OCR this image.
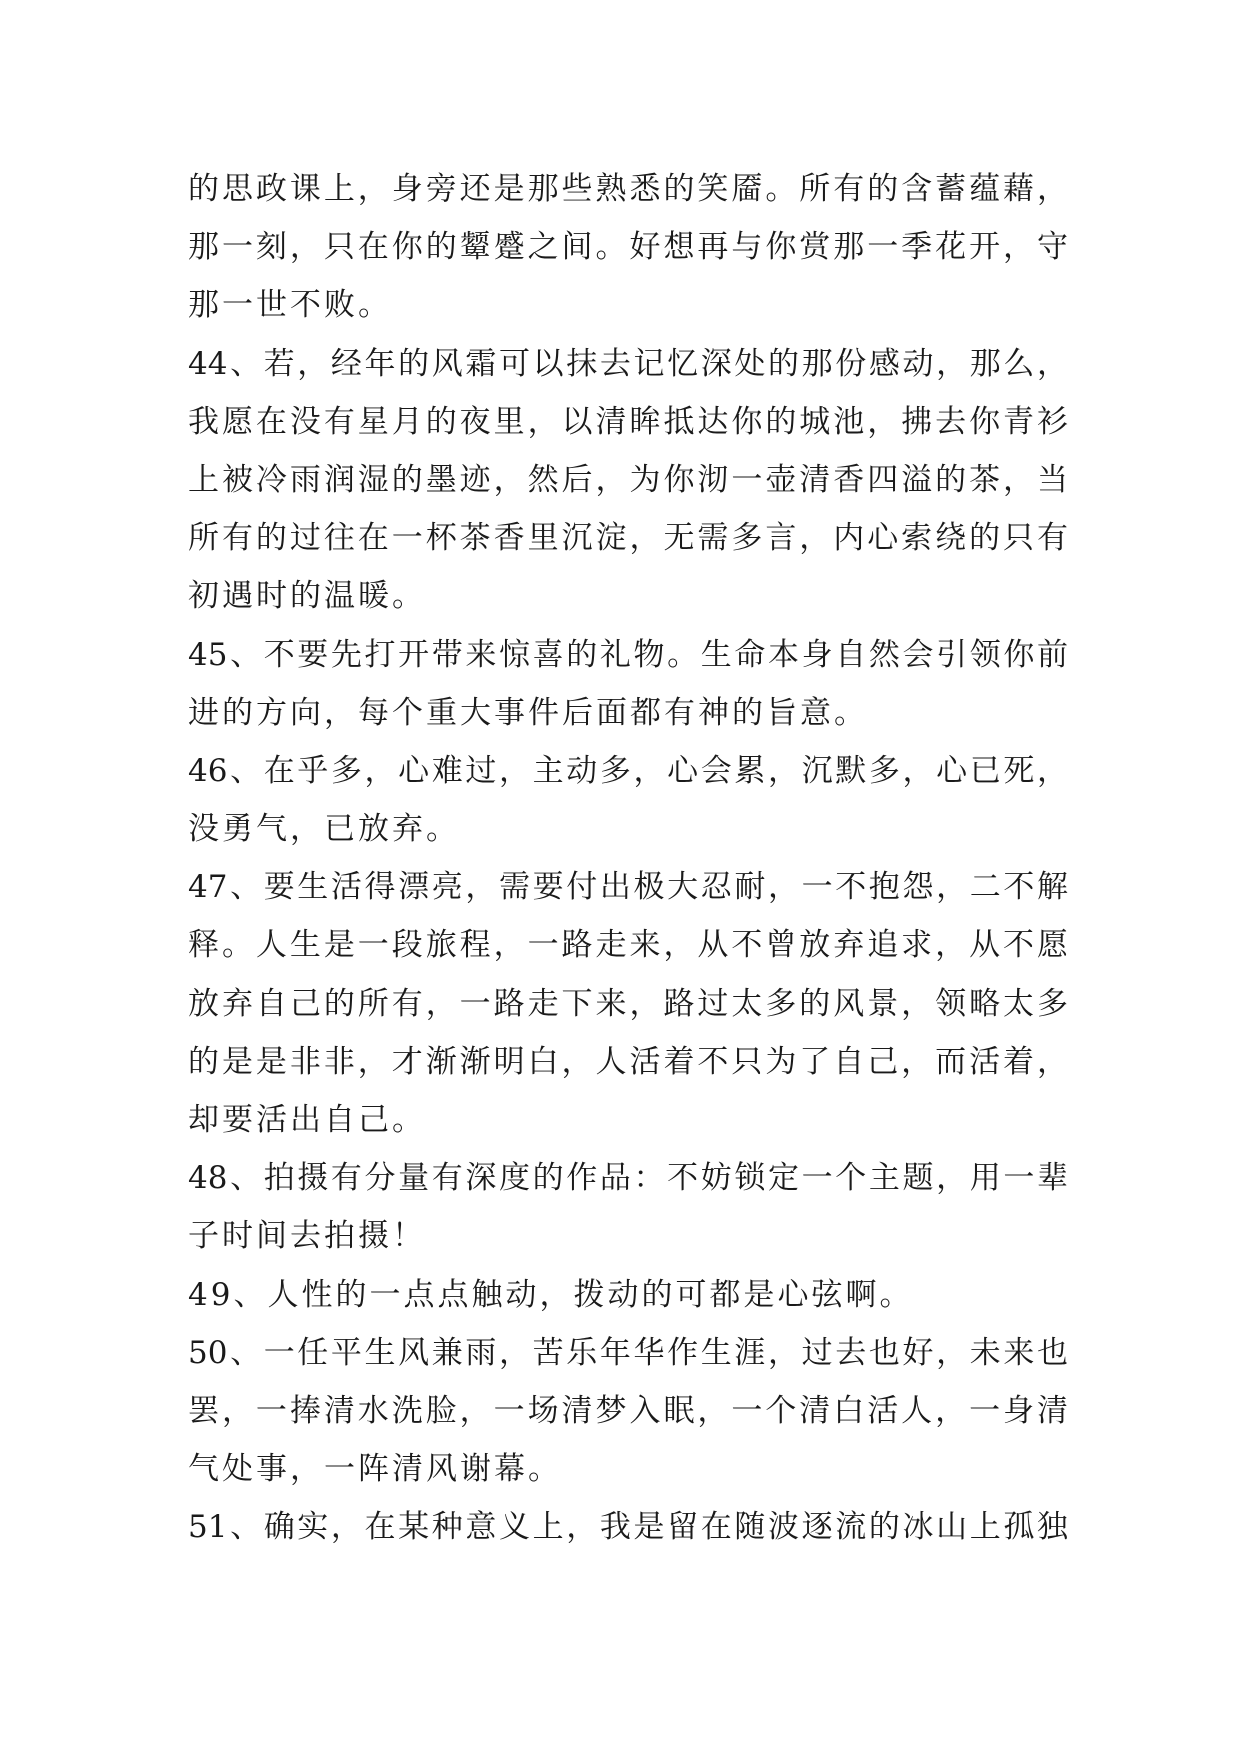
的思政课上，身旁还是那些熟悉的笑靥。所有的含蓄蕴藉，
那一刻，只在你的颦蹙之间。好想再与你赏那一季花开，守
那一世不败。
44、若，经年的风霜可以抹去记忆深处的那份感动，那么，
我愿在没有星月的夜里，以清眸抵达你的城池，拂去你青衫
上被冷雨润湿的墨迹，然后，为你沏一壶清香四溢的茶，当
所有的过往在一杯茶香里沉淀，无需多言，内心索绕的只有
初遇时的温暖。
45、不要先打开带来惊喜的礼物。生命本身自然会引领你前
进的方向，每个重大事件后面都有神的旨意。
46、在乎多，心难过，主动多，心会累，沉默多，心已死，
没勇气，已放弃。
47、要生活得漂亮，需要付出极大忍耐，一不抱怨，二不解
释。人生是一段旅程，一路走来，从不曾放弃追求，从不愿
放弃自己的所有，一路走下来，路过太多的风景，领略太多
的是是非非，才渐渐明白，人活着不只为了自己，而活着，
却要活出自己。
48、拍摄有分量有深度的作品：不妨锁定一个主题，用一辈
子时间去拍摄！
49、人性的一点点触动，拨动的可都是心弦啊。
50、一任平生风兼雨，苦乐年华作生涯，过去也好，未来也
罢，一捧清水洗脸，一场清梦入眠，一个清白活人，一身清
气处事，一阵清风谢幕。
51、确实，在某种意义上，我是留在随波逐流的冰山上孤独
